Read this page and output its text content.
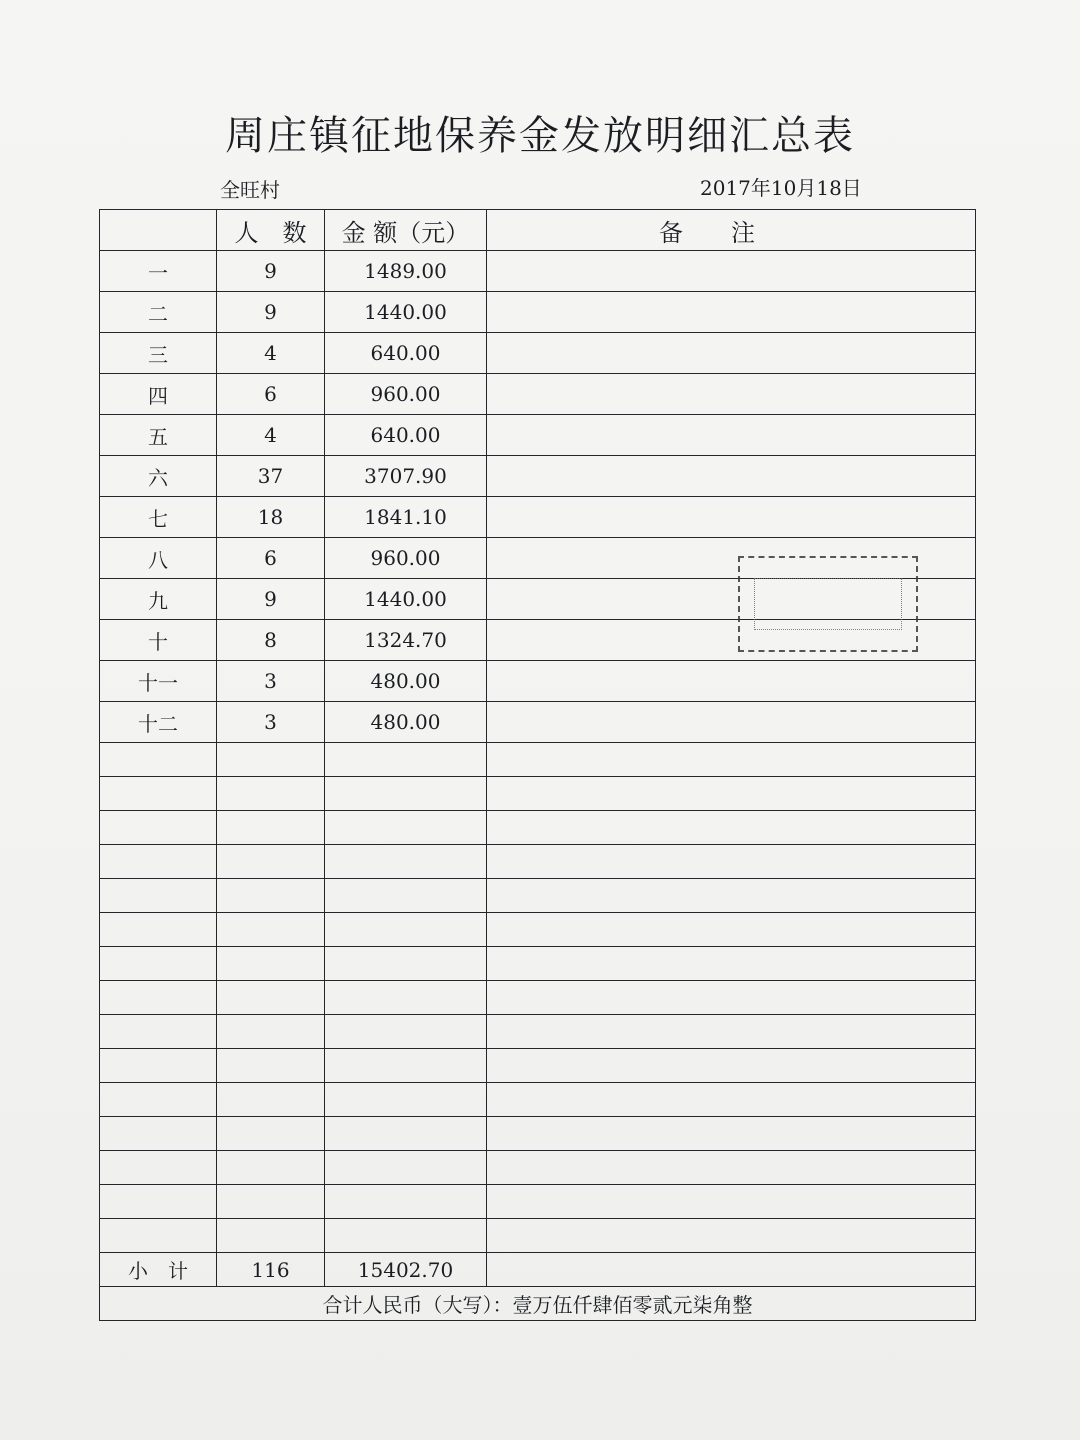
周庄镇征地保养金发放明细汇总表
全旺村	2017年10月18日
	人　数	金 额（元）	备注
一	9	1489.00	
二	9	1440.00	
三	4	640.00	
四	6	960.00	
五	4	640.00	
六	37	3707.90	
七	18	1841.10	
八	6	960.00	
九	9	1440.00	
十	8	1324.70	
十一	3	480.00	
十二	3	480.00	

小　计	116	15402.70	
合计人民币（大写）：壹万伍仟肆佰零贰元柒角整			
